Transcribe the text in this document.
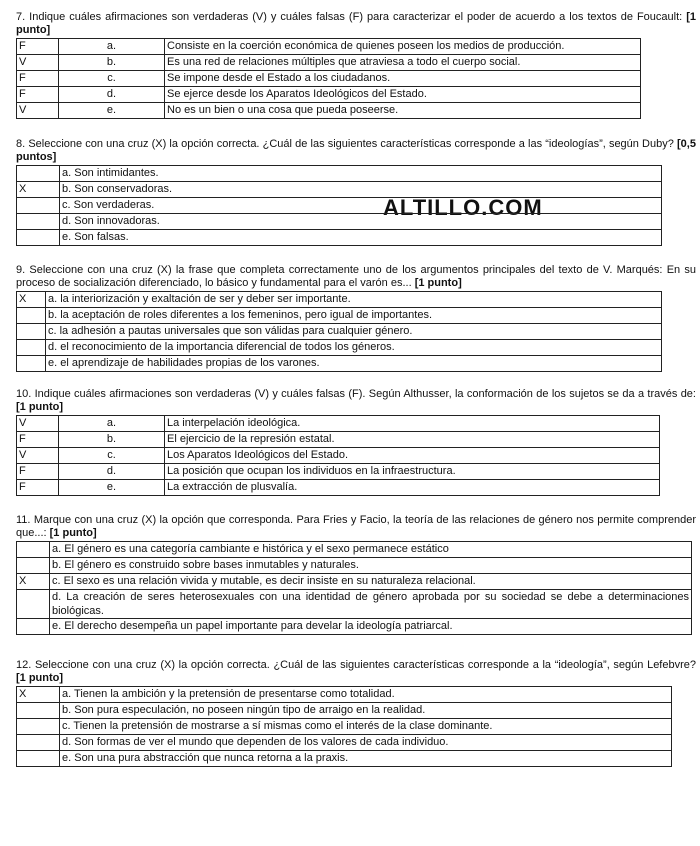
ALTILLO.COM
7. Indique cuáles afirmaciones son verdaderas (V) y cuáles falsas (F) para caracterizar el poder de acuerdo a los textos de Foucault: [1 punto]
F	a.	Consiste en la coerción económica de quienes poseen los medios de producción.
V	b.	Es una red de relaciones múltiples que atraviesa a todo el cuerpo social.
F	c.	Se impone desde el Estado a los ciudadanos.
F	d.	Se ejerce desde los Aparatos Ideológicos del Estado.
V	e.	No es un bien o una cosa que pueda poseerse.
8. Seleccione con una cruz (X) la opción correcta. ¿Cuál de las siguientes características corresponde a las “ideologías”, según Duby? [0,5 puntos]
	a. Son intimidantes.
X	b. Son conservadoras.
	c. Son verdaderas.
	d. Son innovadoras.
	e. Son falsas.
9. Seleccione con una cruz (X) la frase que completa correctamente uno de los argumentos principales del texto de V. Marqués: En su proceso de socialización diferenciado, lo básico y fundamental para el varón es... [1 punto]
X	a. la interiorización y exaltación de ser y deber ser importante.
	b. la aceptación de roles diferentes a los femeninos, pero igual de importantes.
	c. la adhesión a pautas universales que son válidas para cualquier género.
	d. el reconocimiento de la importancia diferencial de todos los géneros.
	e. el aprendizaje de habilidades propias de los varones.
10. Indique cuáles afirmaciones son verdaderas (V) y cuáles falsas (F). Según Althusser, la conformación de los sujetos se da a través de: [1 punto]
V	a.	La interpelación ideológica.
F	b.	El ejercicio de la represión estatal.
V	c.	Los Aparatos Ideológicos del Estado.
F	d.	La posición que ocupan los individuos en la infraestructura.
F	e.	La extracción de plusvalía.
11. Marque con una cruz (X) la opción que corresponda. Para Fries y Facio, la teoría de las relaciones de género nos permite comprender que...: [1 punto]
	a. El género es una categoría cambiante e histórica y el sexo permanece estático
	b. El género es construido sobre bases inmutables y naturales.
X	c. El sexo es una relación vivida y mutable, es decir insiste en su naturaleza relacional.
	d. La creación de seres heterosexuales con una identidad de género aprobada por su sociedad se debe a determinaciones biológicas.
	e. El derecho desempeña un papel importante para develar la ideología patriarcal.
12. Seleccione con una cruz (X) la opción correcta. ¿Cuál de las siguientes características corresponde a la “ideología”, según Lefebvre? [1 punto]
X	a. Tienen la ambición y la pretensión de presentarse como totalidad.
	b. Son pura especulación, no poseen ningún tipo de arraigo en la realidad.
	c. Tienen la pretensión de mostrarse a sí mismas como el interés de la clase dominante.
	d. Son formas de ver el mundo que dependen de los valores de cada individuo.
	e. Son una pura abstracción que nunca retorna a la praxis.
